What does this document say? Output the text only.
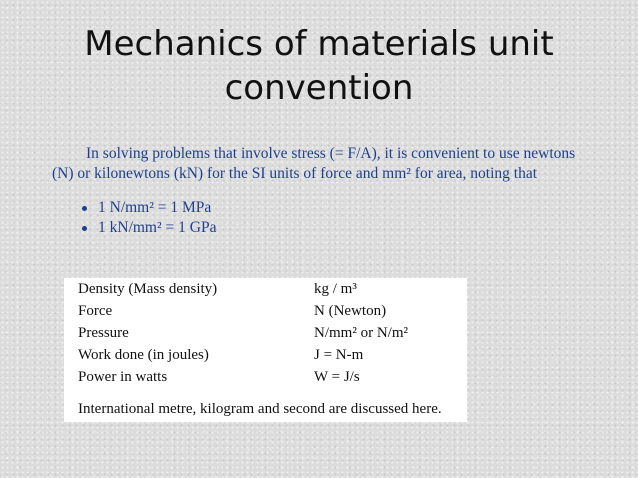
Mechanics of materials unit
convention

In solving problems that involve stress (= F/A), it is convenient to use newtons

(N) or kilonewtons (kN) for the SI units of force and mm² for area, noting that

1 N/mm² = 1 MPa
1 kN/mm² = 1 GPa
Density (Mass density)	kg / m³
Force	N (Newton)
Pressure	N/mm² or N/m²
Work done (in joules)	J = N-m
Power in watts	W = J/s
International metre, kilogram and second are discussed here.
